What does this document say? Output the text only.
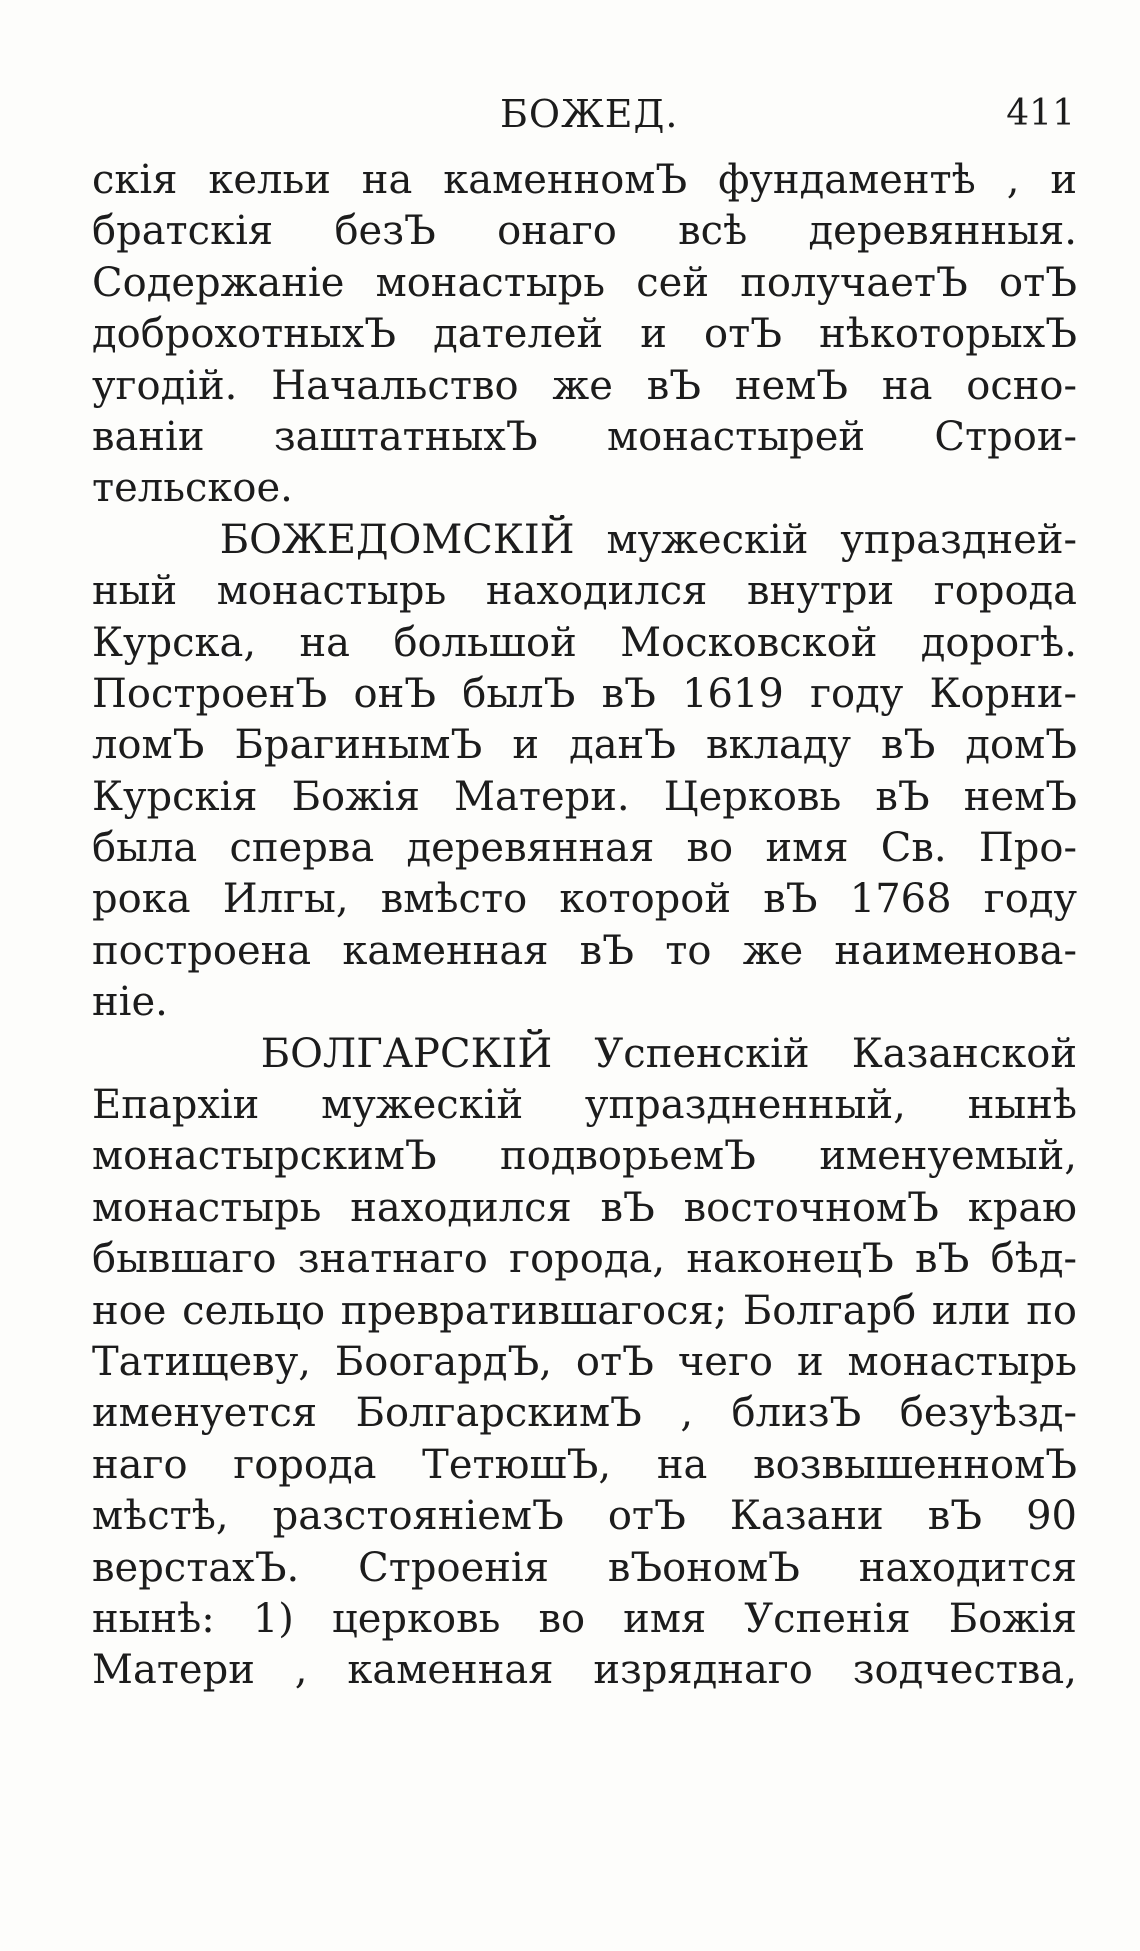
БОЖЕД.	411
скія кельи на каменномЪ фундаментѣ , и
братскія безЪ онаго всѣ деревянныя.
Содержаніе монастырь сей получаетЪ отЪ
доброхотныхЪ дателей и отЪ нѣкоторыхЪ
угодій. Начальство же вЪ немЪ на осно-
ваніи заштатныхЪ монастырей Строи-
тельское.
БОЖЕДОМСКІЙ мужескій упраздней-
ный монастырь находился внутри города
Курска, на большой Московской дорогѣ.
ПостроенЪ онЪ былЪ вЪ 1619 году Корни-
ломЪ БрагинымЪ и данЪ вкладу вЪ домЪ
Курскія Божія Матери. Церковь вЪ немЪ
была сперва деревянная во имя Св. Про-
рока Илгы, вмѣсто которой вЪ 1768 году
построена каменная вЪ то же наименова-
ніе.
БОЛГАРСКІЙ Успенскій Казанской
Епархіи мужескій упраздненный, нынѣ
монастырскимЪ подворьемЪ именуемый,
монастырь находился вЪ восточномЪ краю
бывшаго знатнаго города, наконецЪ вЪ бѣд-
ное сельцо превратившагося; Болгарб или по
Татищеву, БоогардЪ, отЪ чего и монастырь
именуется БолгарскимЪ , близЪ безуѣзд-
наго города ТетюшЪ, на возвышенномЪ
мѣстѣ, разстояніемЪ отЪ Казани вЪ 90
верстахЪ. Строенія вЪономЪ находится
нынѣ: 1) церковь во имя Успенія Божія
Матери , каменная изряднаго зодчества,
